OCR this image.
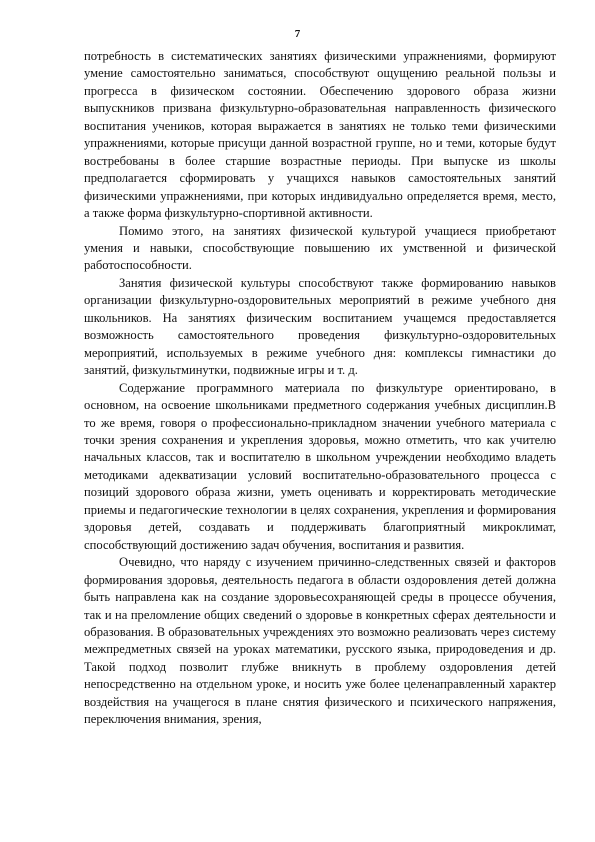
7

потребность в систематических занятиях физическими упражнениями, формируют умение самостоятельно заниматься, способствуют ощущению реальной пользы и прогресса в физическом состоянии. Обеспечению здорового образа жизни выпускников призвана физкультурно-образовательная направленность физического воспитания учеников, которая выражается в занятиях не только теми физическими упражнениями, которые присущи данной возрастной группе, но и теми, которые будут востребованы в более старшие возрастные периоды. При выпуске из школы предполагается сформировать у учащихся навыков самостоятельных занятий физическими упражнениями, при которых индивидуально определяется время, место, а также форма физкультурно-спортивной активности.

Помимо этого, на занятиях физической культурой учащиеся приобретают умения и навыки, способствующие повышению их умственной и физической работоспособности.

Занятия физической культуры способствуют также формированию навыков организации физкультурно-оздоровительных мероприятий в режиме учебного дня школьников. На занятиях физическим воспитанием учащемся предоставляется возможность самостоятельного проведения физкультурно-оздоровительных мероприятий, используемых в режиме учебного дня: комплексы гимнастики до занятий, физкультминутки, подвижные игры и т. д.

Содержание программного материала по физкультуре ориентировано, в основном, на освоение школьниками предметного содержания учебных дисциплин.В то же время, говоря о профессионально-прикладном значении учебного материала с точки зрения сохранения и укрепления здоровья, можно отметить, что как учителю начальных классов, так и воспитателю в школьном учреждении необходимо владеть методиками адекватизации условий воспитательно-образовательного процесса с позиций здорового образа жизни, уметь оценивать и корректировать методические приемы и педагогические технологии в целях сохранения, укрепления и формирования здоровья детей, создавать и поддерживать благоприятный микроклимат, способствующий достижению задач обучения, воспитания и развития.

Очевидно, что наряду с изучением причинно-следственных связей и факторов формирования здоровья, деятельность педагога в области оздоровления детей должна быть направлена как на создание здоровьесохраняющей среды в процессе обучения, так и на преломление общих сведений о здоровье в конкретных сферах деятельности и образования. В образовательных учреждениях это возможно реализовать через систему межпредметных связей на уроках математики, русского языка, природоведения и др. Такой подход позволит глубже вникнуть в проблему оздоровления детей непосредственно на отдельном уроке, и носить уже более целенаправленный характер воздействия на учащегося в плане снятия физического и психического напряжения, переключения внимания, зрения,
